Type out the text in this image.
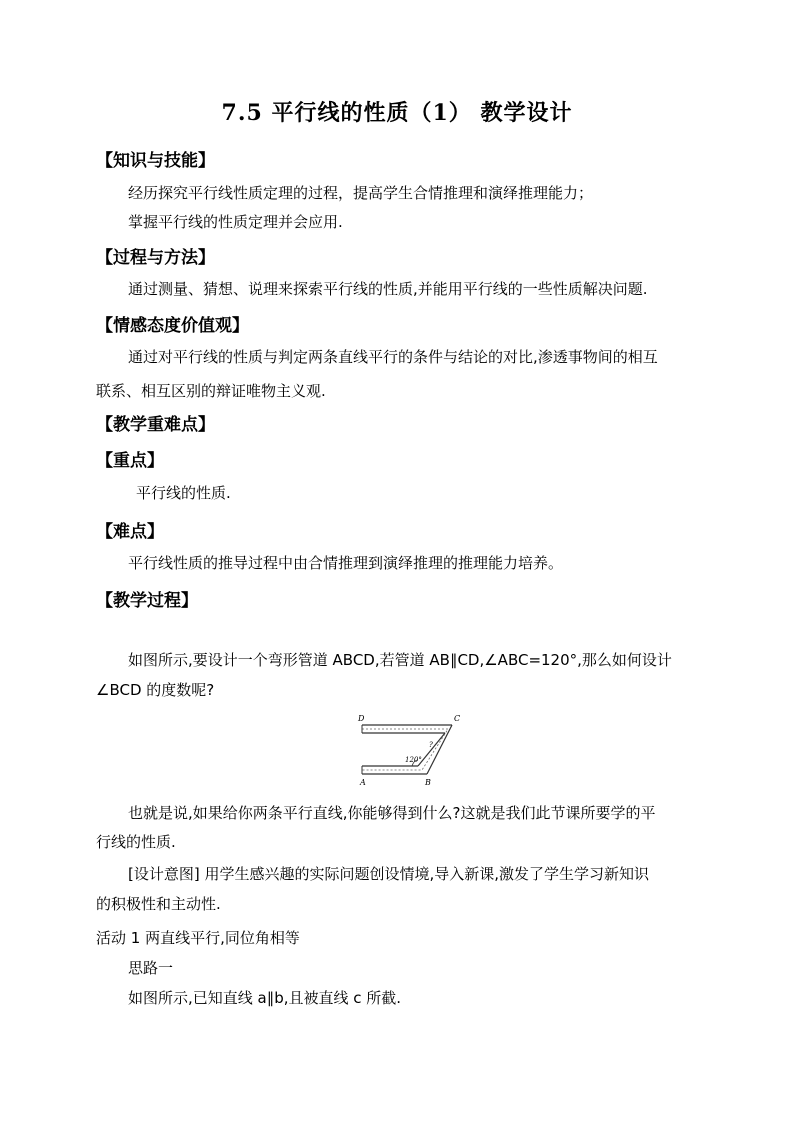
7.5 平行线的性质（1） 教学设计
【知识与技能】
经历探究平行线性质定理的过程，提高学生合情推理和演绎推理能力；
掌握平行线的性质定理并会应用.
【过程与方法】
通过测量、猜想、说理来探索平行线的性质,并能用平行线的一些性质解决问题.
【情感态度价值观】
通过对平行线的性质与判定两条直线平行的条件与结论的对比,渗透事物间的相互联系、相互区别的辩证唯物主义观.
【教学重难点】
【重点】
平行线的性质.
【难点】
平行线性质的推导过程中由合情推理到演绎推理的推理能力培养。
【教学过程】
如图所示,要设计一个弯形管道 ABCD,若管道 AB∥CD,∠ABC=120°,那么如何设计
∠BCD 的度数呢?
D	C
A	B
120°
?
也就是说,如果给你两条平行直线,你能够得到什么?这就是我们此节课所要学的平
行线的性质.
[设计意图] 用学生感兴趣的实际问题创设情境,导入新课,激发了学生学习新知识
的积极性和主动性.
活动 1 两直线平行,同位角相等
思路一
如图所示,已知直线 a∥b,且被直线 c 所截.
